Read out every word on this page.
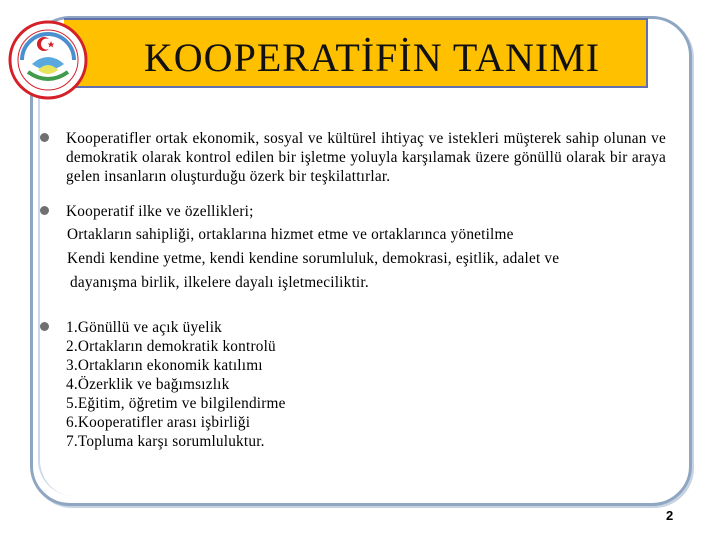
KOOPERATİFİN TANIMI
Kooperatifler ortak ekonomik, sosyal ve kültürel ihtiyaç ve istekleri müşterek sahip olunan ve demokratik olarak kontrol edilen bir işletme yoluyla karşılamak üzere gönüllü olarak bir araya gelen insanların oluşturduğu özerk bir teşkilattırlar.
Kooperatif ilke ve özellikleri;
Ortakların sahipliği, ortaklarına hizmet etme ve ortaklarınca yönetilme
Kendi kendine yetme, kendi kendine sorumluluk, demokrasi, eşitlik, adalet ve
dayanışma birlik, ilkelere dayalı işletmeciliktir.
1.Gönüllü ve açık üyelik
2.Ortakların demokratik kontrolü
3.Ortakların ekonomik katılımı
4.Özerklik ve bağımsızlık
5.Eğitim, öğretim ve bilgilendirme
6.Kooperatifler arası işbirliği
7.Topluma karşı sorumluluktur.
2
